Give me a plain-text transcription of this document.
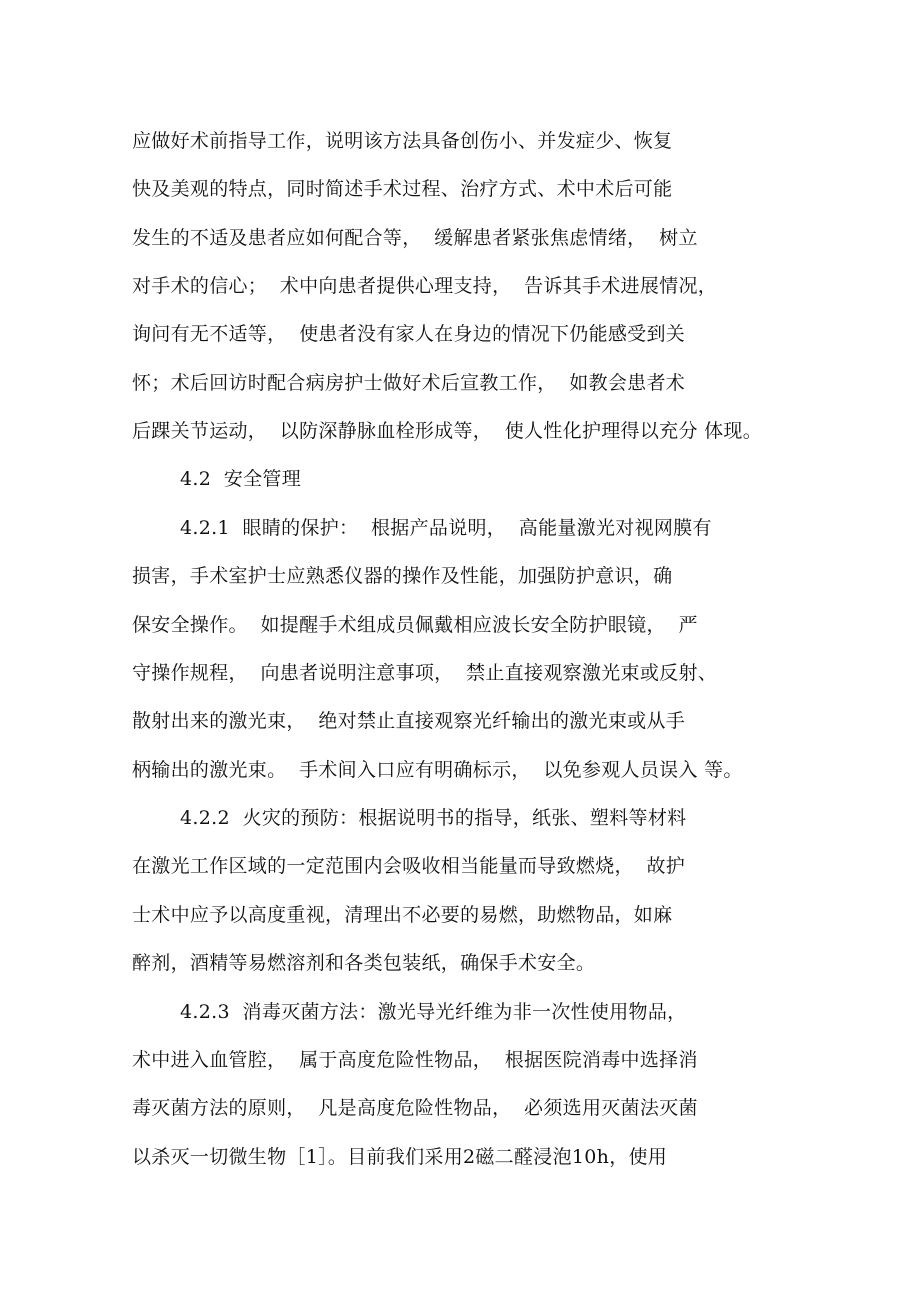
应做好术前指导工作，说明该方法具备创伤小、并发症少、恢复
快及美观的特点，同时简述手术过程、治疗方式、术中术后可能
发生的不适及患者应如何配合等，  缓解患者紧张焦虑情绪，  树立
对手术的信心；  术中向患者提供心理支持，  告诉其手术进展情况，
询问有无不适等，  使患者没有家人在身边的情况下仍能感受到关
怀；术后回访时配合病房护士做好术后宣教工作，  如教会患者术
后踝关节运动，  以防深静脉血栓形成等，  使人性化护理得以充分 体现。
4.2  安全管理
4.2.1  眼睛的保护：  根据产品说明，  高能量激光对视网膜有
损害，手术室护士应熟悉仪器的操作及性能，加强防护意识，确
保安全操作。  如提醒手术组成员佩戴相应波长安全防护眼镜，  严
守操作规程，  向患者说明注意事项，  禁止直接观察激光束或反射、
散射出来的激光束，  绝对禁止直接观察光纤输出的激光束或从手
柄输出的激光束。  手术间入口应有明确标示，  以免参观人员误入 等。
4.2.2  火灾的预防：根据说明书的指导，纸张、塑料等材料
在激光工作区域的一定范围内会吸收相当能量而导致燃烧，  故护
士术中应予以高度重视，清理出不必要的易燃，助燃物品，如麻
醉剂，酒精等易燃溶剂和各类包装纸，确保手术安全。
4.2.3  消毒灭菌方法：激光导光纤维为非一次性使用物品，
术中进入血管腔，  属于高度危险性物品，  根据医院消毒中选择消
毒灭菌方法的原则，  凡是高度危险性物品，  必须选用灭菌法灭菌
以杀灭一切微生物［1］。目前我们采用2磁二醛浸泡10h，使用
